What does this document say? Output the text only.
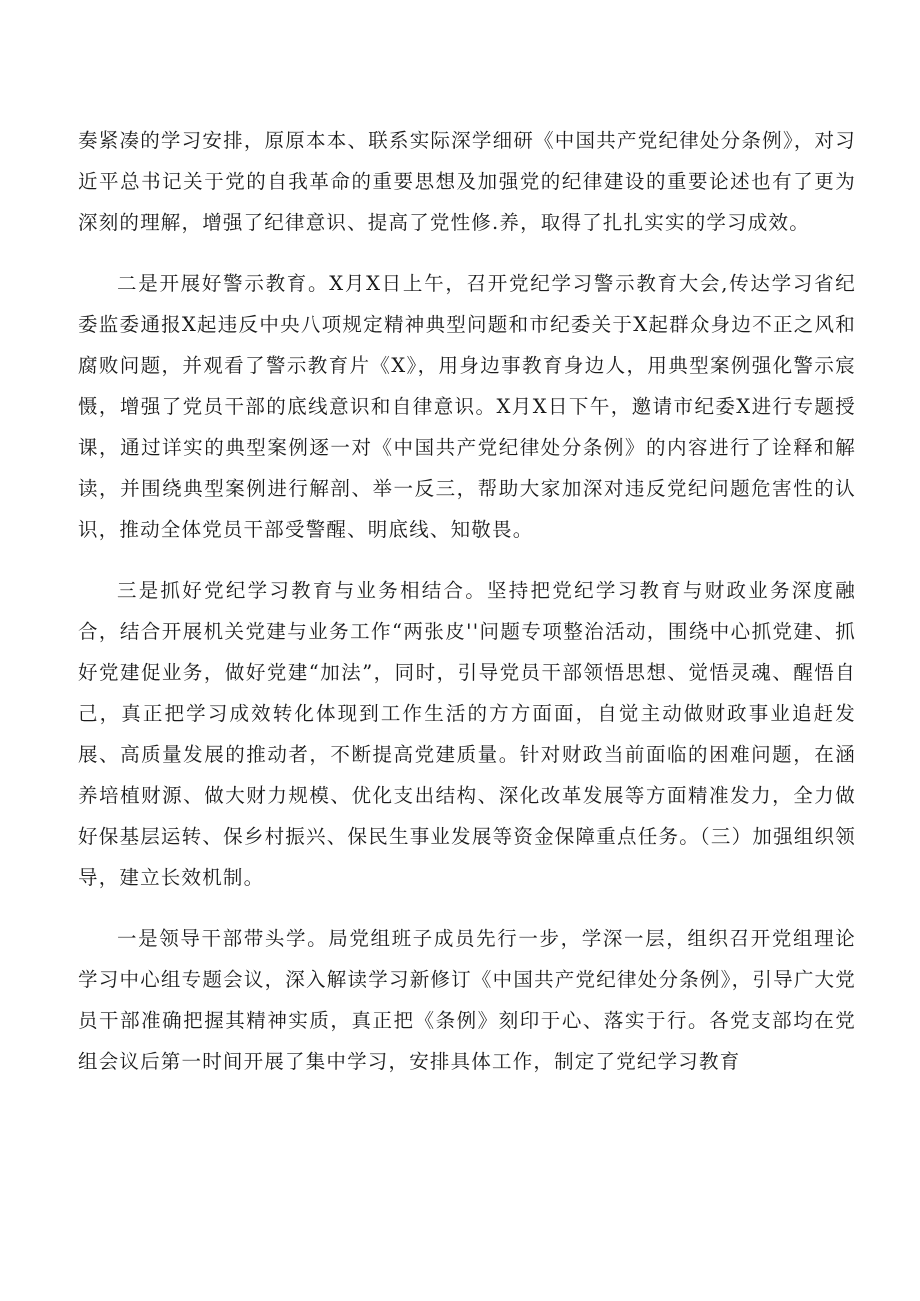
奏紧凑的学习安排，原原本本、联系实际深学细研《中国共产党纪律处分条例》，对习近平总书记关于党的自我革命的重要思想及加强党的纪律建设的重要论述也有了更为深刻的理解，增强了纪律意识、提高了党性修.养，取得了扎扎实实的学习成效。

二是开展好警示教育。X月X日上午，召开党纪学习警示教育大会,传达学习省纪委监委通报X起违反中央八项规定精神典型问题和市纪委关于X起群众身边不正之风和腐败问题，并观看了警示教育片《X》，用身边事教育身边人，用典型案例强化警示宸慑，增强了党员干部的底线意识和自律意识。X月X日下午，邀请市纪委X进行专题授课，通过详实的典型案例逐一对《中国共产党纪律处分条例》的内容进行了诠释和解读，并围绕典型案例进行解剖、举一反三，帮助大家加深对违反党纪问题危害性的认识，推动全体党员干部受警醒、明底线、知敬畏。

三是抓好党纪学习教育与业务相结合。坚持把党纪学习教育与财政业务深度融合，结合开展机关党建与业务工作“两张皮''问题专项整治活动，围绕中心抓党建、抓好党建促业务，做好党建“加法”，同时，引导党员干部领悟思想、觉悟灵魂、醒悟自己，真正把学习成效转化体现到工作生活的方方面面，自觉主动做财政事业追赶发展、高质量发展的推动者，不断提高党建质量。针对财政当前面临的困难问题，在涵养培植财源、做大财力规模、优化支出结构、深化改革发展等方面精准发力，全力做好保基层运转、保乡村振兴、保民生事业发展等资金保障重点任务。（三）加强组织领导，建立长效机制。

一是领导干部带头学。局党组班子成员先行一步，学深一层，组织召开党组理论学习中心组专题会议，深入解读学习新修订《中国共产党纪律处分条例》，引导广大党员干部准确把握其精神实质，真正把《条例》刻印于心、落实于行。各党支部均在党组会议后第一时间开展了集中学习，安排具体工作，制定了党纪学习教育
